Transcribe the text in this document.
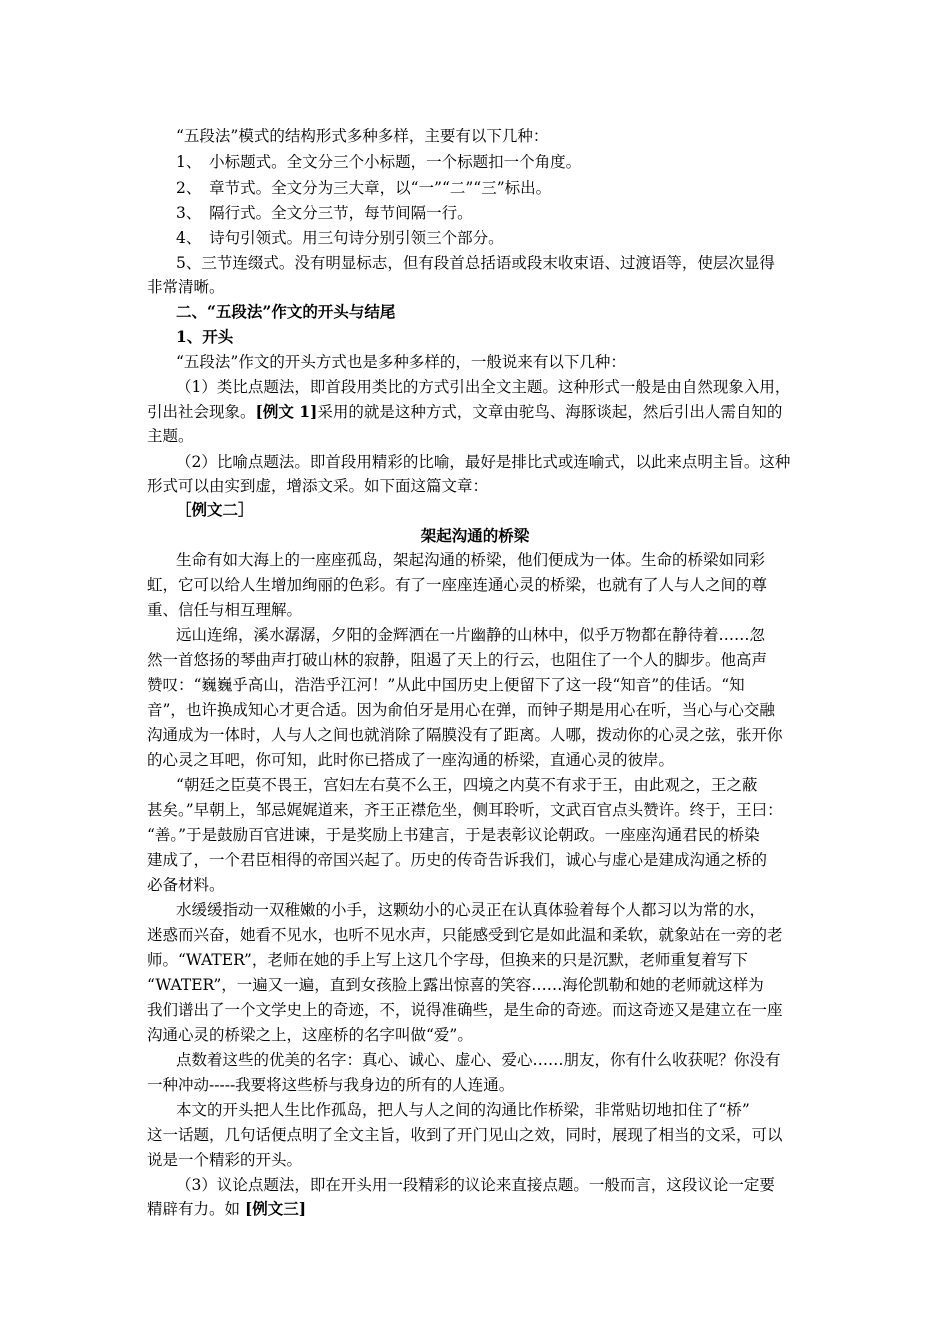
“五段法”模式的结构形式多种多样，主要有以下几种：
1、　小标题式。全文分三个小标题，一个标题扣一个角度。
2、　章节式。全文分为三大章，以“一”“二”“三”标出。
3、　隔行式。全文分三节，每节间隔一行。
4、　诗句引领式。用三句诗分别引领三个部分。
5、三节连缀式。没有明显标志，但有段首总括语或段末收束语、过渡语等，使层次显得
非常清晰。
二、“五段法”作文的开头与结尾
1、开头
“五段法”作文的开头方式也是多种多样的，一般说来有以下几种：
（1）类比点题法，即首段用类比的方式引出全文主题。这种形式一般是由自然现象入用，
引出社会现象。[例文 1]采用的就是这种方式，文章由驼鸟、海豚谈起，然后引出人需自知的
主题。
（2）比喻点题法。即首段用精彩的比喻，最好是排比式或连喻式，以此来点明主旨。这种
形式可以由实到虚，增添文采。如下面这篇文章：
［例文二］
架起沟通的桥梁
生命有如大海上的一座座孤岛，架起沟通的桥梁，他们便成为一体。生命的桥梁如同彩
虹，它可以给人生增加绚丽的色彩。有了一座座连通心灵的桥梁，也就有了人与人之间的尊
重、信任与相互理解。
远山连绵，溪水潺潺，夕阳的金辉洒在一片幽静的山林中，似乎万物都在静待着……忽
然一首悠扬的琴曲声打破山林的寂静，阻遏了天上的行云，也阻住了一个人的脚步。他高声
赞叹：“巍巍乎高山，浩浩乎江河！”从此中国历史上便留下了这一段“知音”的佳话。“知
音”，也许换成知心才更合适。因为俞伯牙是用心在弹，而钟子期是用心在听，当心与心交融
沟通成为一体时，人与人之间也就消除了隔膜没有了距离。人哪，拨动你的心灵之弦，张开你
的心灵之耳吧，你可知，此时你已搭成了一座沟通的桥梁，直通心灵的彼岸。
“朝廷之臣莫不畏王，宫妇左右莫不么王，四境之内莫不有求于王，由此观之，王之蔽
甚矣。”早朝上，邹忌娓娓道来，齐王正襟危坐，侧耳聆听，文武百官点头赞许。终于，王曰：
“善。”于是鼓励百官进谏，于是奖励上书建言，于是表彰议论朝政。一座座沟通君民的桥染
建成了，一个君臣相得的帝国兴起了。历史的传奇告诉我们，诚心与虚心是建成沟通之桥的
必备材料。
水缓缓指动一双稚嫩的小手，这颗幼小的心灵正在认真体验着每个人都习以为常的水，
迷惑而兴奋，她看不见水，也听不见水声，只能感受到它是如此温和柔软，就象站在一旁的老
师。“WATER”，老师在她的手上写上这几个字母，但换来的只是沉默，老师重复着写下
“WATER”，一遍又一遍，直到女孩脸上露出惊喜的笑容……海伦凯勒和她的老师就这样为
我们谱出了一个文学史上的奇迹，不，说得准确些，是生命的奇迹。而这奇迹又是建立在一座
沟通心灵的桥梁之上，这座桥的名字叫做“爱”。
点数着这些的优美的名字：真心、诚心、虚心、爱心……朋友，你有什么收获呢？你没有
一种冲动-----我要将这些桥与我身边的所有的人连通。
本文的开头把人生比作孤岛，把人与人之间的沟通比作桥梁，非常贴切地扣住了“桥”
这一话题，几句话便点明了全文主旨，收到了开门见山之效，同时，展现了相当的文采，可以
说是一个精彩的开头。
（3）议论点题法，即在开头用一段精彩的议论来直接点题。一般而言，这段议论一定要
精辟有力。如 [例文三]
